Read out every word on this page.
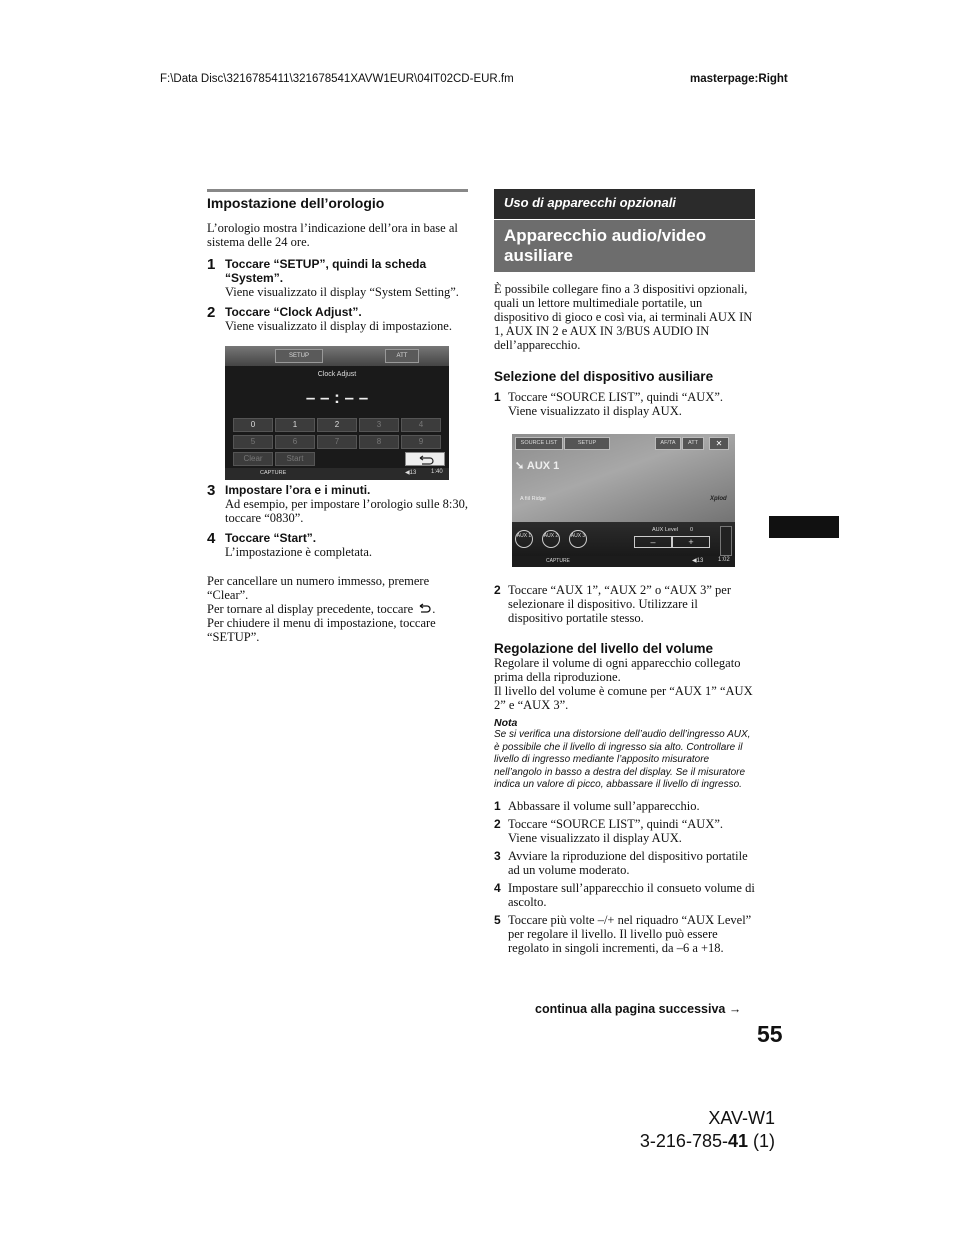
F:\Data Disc\3216785411\321678541XAVW1EUR\04IT02CD-EUR.fm	masterpage:Right
Impostazione dell’orologio

L’orologio mostra l’indicazione dell’ora in base al sistema delle 24 ore.

1 Toccare “SETUP”, quindi la scheda “System”.
Viene visualizzato il display “System Setting”.
2 Toccare “Clock Adjust”.
Viene visualizzato il display di impostazione.
SETUP	ATT
Clock Adjust
– – : – –
0	1	2	3	4
5	6	7	8	9
Clear	Start
CAPTURE	◀13 1:40
3 Impostare l’ora e i minuti.
Ad esempio, per impostare l’orologio sulle 8:30, toccare “0830”.
4 Toccare “Start”.
L’impostazione è completata.

Per cancellare un numero immesso, premere “Clear”.

Per tornare al display precedente, toccare .

Per chiudere il menu di impostazione, toccare “SETUP”.

Uso di apparecchi opzionali
Apparecchio audio/video ausiliare

È possibile collegare fino a 3 dispositivi opzionali, quali un lettore multimediale portatile, un dispositivo di gioco e così via, ai terminali AUX IN 1, AUX IN 2 e AUX IN 3/BUS AUDIO IN dell’apparecchio.

Selezione del dispositivo ausiliare

1 Toccare “SOURCE LIST”, quindi “AUX”. Viene visualizzato il display AUX.
SOURCE LIST	SETUP	AF/TA	ATT	✕
➘ AUX 1
A fiil Ridge	Xplod
AUX 1	AUX 2	AUX 3
AUX Level 0
–	+
CAPTURE	◀13 1:02
2 Toccare “AUX 1”, “AUX 2” o “AUX 3” per selezionare il dispositivo. Utilizzare il dispositivo portatile stesso.

Regolazione del livello del volume

Regolare il volume di ogni apparecchio collegato prima della riproduzione.

Il livello del volume è comune per “AUX 1” “AUX 2” e “AUX 3”.

Nota
Se si verifica una distorsione dell’audio dell’ingresso AUX, è possibile che il livello di ingresso sia alto. Controllare il livello di ingresso mediante l’apposito misuratore nell’angolo in basso a destra del display. Se il misuratore indica un valore di picco, abbassare il livello di ingresso.
1 Abbassare il volume sull’apparecchio.
2 Toccare “SOURCE LIST”, quindi “AUX”. Viene visualizzato il display AUX.
3 Avviare la riproduzione del dispositivo portatile ad un volume moderato.
4 Impostare sull’apparecchio il consueto volume di ascolto.
5 Toccare più volte –/+ nel riquadro “AUX Level” per regolare il livello. Il livello può essere regolato in singoli incrementi, da –6 a +18.
continua alla pagina successiva →
55
XAV-W1
3-216-785-41 (1)
